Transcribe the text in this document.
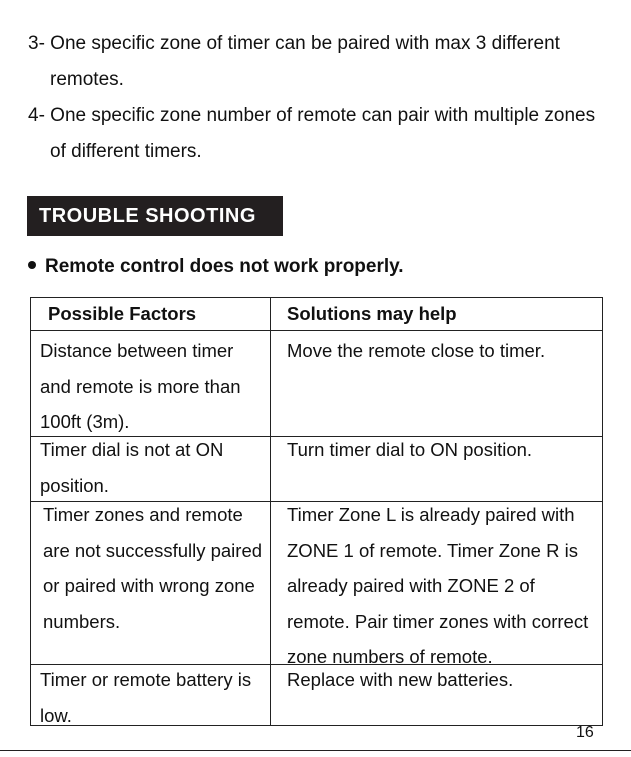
3- One specific zone of timer can be paired with max 3 different
remotes.
4- One specific zone number of remote can pair with multiple zones
of different timers.
TROUBLE SHOOTING
Remote control does not work properly.
Possible Factors	Solutions may help
Distance between timer
and remote is more than
100ft (3m).
Move the remote close to timer.
Timer dial is not at ON
position.
Turn timer dial to ON position.
Timer zones and remote
are not successfully paired
or paired with wrong zone
numbers.
Timer Zone L is already paired with
ZONE 1 of remote. Timer Zone R is
already paired with ZONE 2 of
remote. Pair timer zones with correct
zone numbers of remote.
Timer or remote battery is
low.
Replace with new batteries.
16
